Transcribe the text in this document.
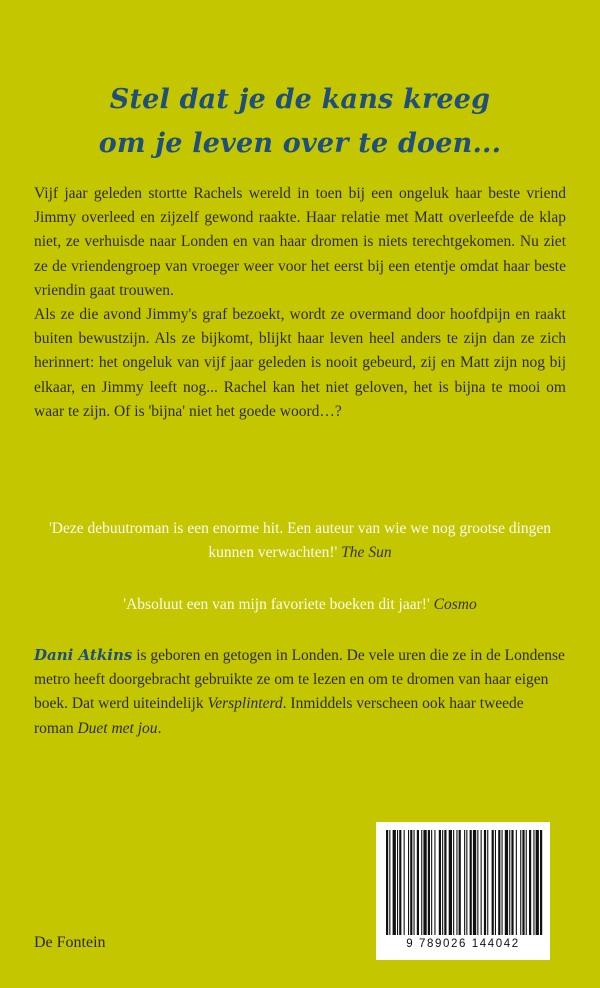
Stel dat je de kans kreeg
om je leven over te doen...

Vijf jaar geleden stortte Rachels wereld in toen bij een ongeluk haar beste vriend Jimmy overleed en zijzelf gewond raakte. Haar relatie met Matt overleefde de klap niet, ze verhuisde naar Londen en van haar dromen is niets terechtgekomen. Nu ziet ze de vriendengroep van vroeger weer voor het eerst bij een etentje omdat haar beste vriendin gaat trouwen.

Als ze die avond Jimmy's graf bezoekt, wordt ze overmand door hoofdpijn en raakt buiten bewustzijn. Als ze bijkomt, blijkt haar leven heel anders te zijn dan ze zich herinnert: het ongeluk van vijf jaar geleden is nooit gebeurd, zij en Matt zijn nog bij elkaar, en Jimmy leeft nog... Rachel kan het niet geloven, het is bijna te mooi om waar te zijn. Of is 'bijna' niet het goede woord…?

'Deze debuutroman is een enorme hit. Een auteur van wie we nog grootse dingen kunnen verwachten!' The Sun
'Absoluut een van mijn favoriete boeken dit jaar!' Cosmo
Dani Atkins is geboren en getogen in Londen. De vele uren die ze in de Londense metro heeft doorgebracht gebruikte ze om te lezen en om te dromen van haar eigen boek. Dat werd uiteindelijk Versplinterd. Inmiddels verscheen ook haar tweede roman Duet met jou.
De Fontein	9 789026 144042
